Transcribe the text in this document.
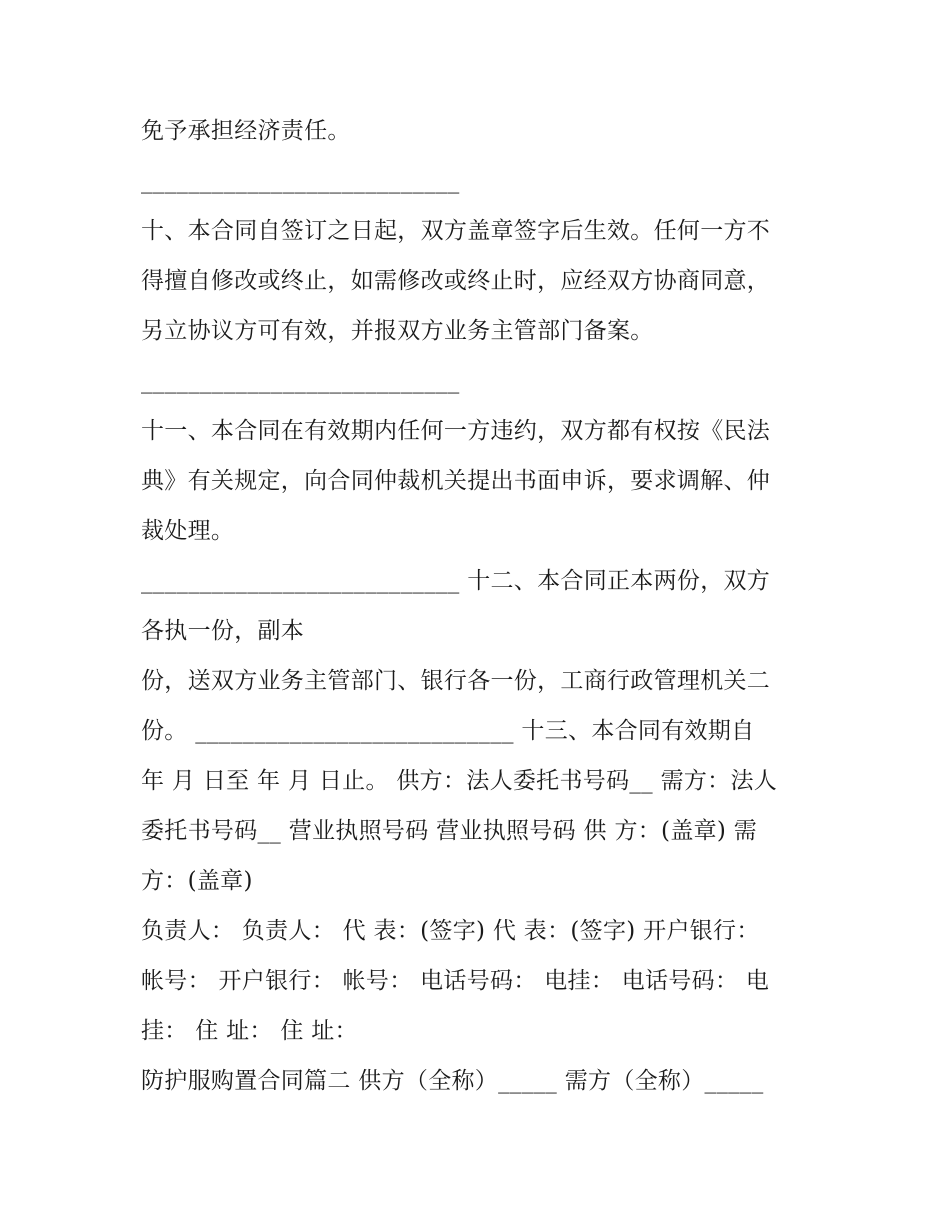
免予承担经济责任。
___________________________
十、本合同自签订之日起，双方盖章签字后生效。任何一方不
得擅自修改或终止，如需修改或终止时，应经双方协商同意，
另立协议方可有效，并报双方业务主管部门备案。
___________________________
十一、本合同在有效期内任何一方违约，双方都有权按《民法
典》有关规定，向合同仲裁机关提出书面申诉，要求调解、仲
裁处理。
___________________________ 十二、本合同正本两份，双方
各执一份，副本
份，送双方业务主管部门、银行各一份，工商行政管理机关二
份。 ___________________________ 十三、本合同有效期自
年 月 日至 年 月 日止。 供方：法人委托书号码__ 需方：法人
委托书号码__ 营业执照号码 营业执照号码 供 方：(盖章) 需
方：(盖章)
负责人： 负责人： 代 表：(签字) 代 表：(签字) 开户银行：
帐号： 开户银行： 帐号： 电话号码： 电挂： 电话号码： 电
挂： 住 址： 住 址：
防护服购置合同篇二 供方（全称）_____ 需方（全称）_____
